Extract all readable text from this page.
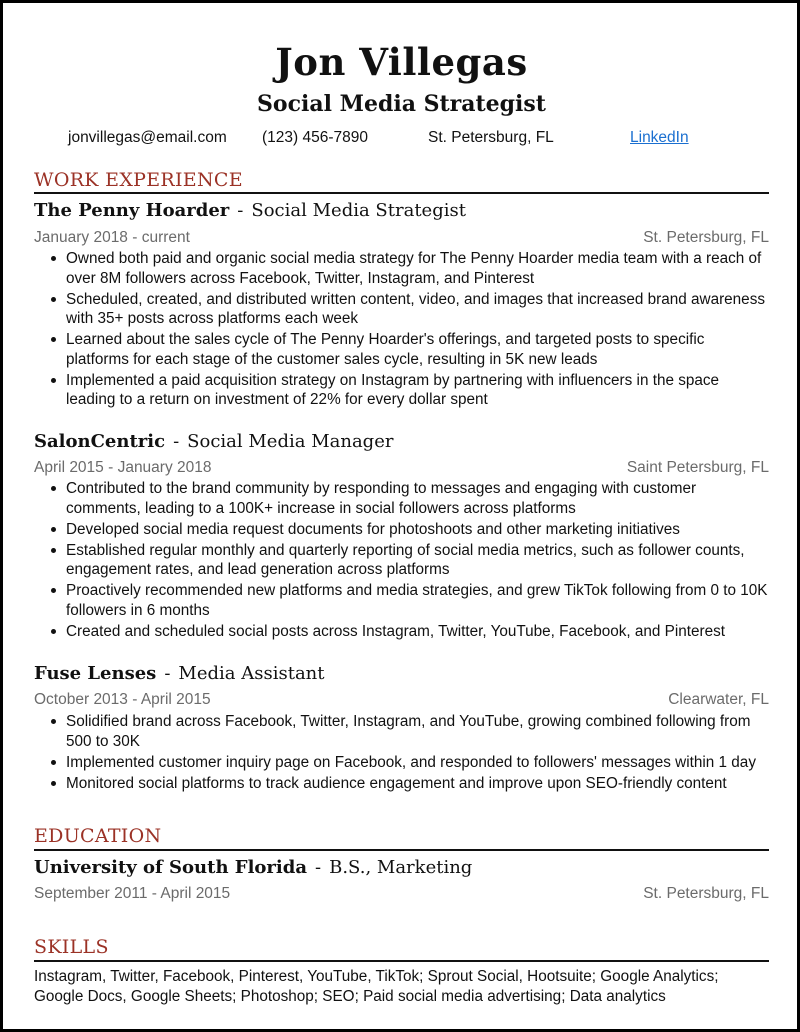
Jon Villegas
Social Media Strategist
jonvillegas@email.com (123) 456-7890	St. Petersburg, FL	LinkedIn
WORK EXPERIENCE
The Penny Hoarder - Social Media Strategist
January 2018 - current	St. Petersburg, FL
Owned both paid and organic social media strategy for The Penny Hoarder media team with a reach of over 8M followers across Facebook, Twitter, Instagram, and Pinterest
Scheduled, created, and distributed written content, video, and images that increased brand awareness with 35+ posts across platforms each week
Learned about the sales cycle of The Penny Hoarder's offerings, and targeted posts to specific platforms for each stage of the customer sales cycle, resulting in 5K new leads
Implemented a paid acquisition strategy on Instagram by partnering with influencers in the space leading to a return on investment of 22% for every dollar spent
SalonCentric - Social Media Manager
April 2015 - January 2018	Saint Petersburg, FL
Contributed to the brand community by responding to messages and engaging with customer comments, leading to a 100K+ increase in social followers across platforms
Developed social media request documents for photoshoots and other marketing initiatives
Established regular monthly and quarterly reporting of social media metrics, such as follower counts, engagement rates, and lead generation across platforms
Proactively recommended new platforms and media strategies, and grew TikTok following from 0 to 10K followers in 6 months
Created and scheduled social posts across Instagram, Twitter, YouTube, Facebook, and Pinterest
Fuse Lenses - Media Assistant
October 2013 - April 2015	Clearwater, FL
Solidified brand across Facebook, Twitter, Instagram, and YouTube, growing combined following from 500 to 30K
Implemented customer inquiry page on Facebook, and responded to followers' messages within 1 day
Monitored social platforms to track audience engagement and improve upon SEO-friendly content
EDUCATION
University of South Florida - B.S., Marketing
September 2011 - April 2015	St. Petersburg, FL
SKILLS
Instagram, Twitter, Facebook, Pinterest, YouTube, TikTok; Sprout Social, Hootsuite; Google Analytics; Google Docs, Google Sheets; Photoshop; SEO; Paid social media advertising; Data analytics
